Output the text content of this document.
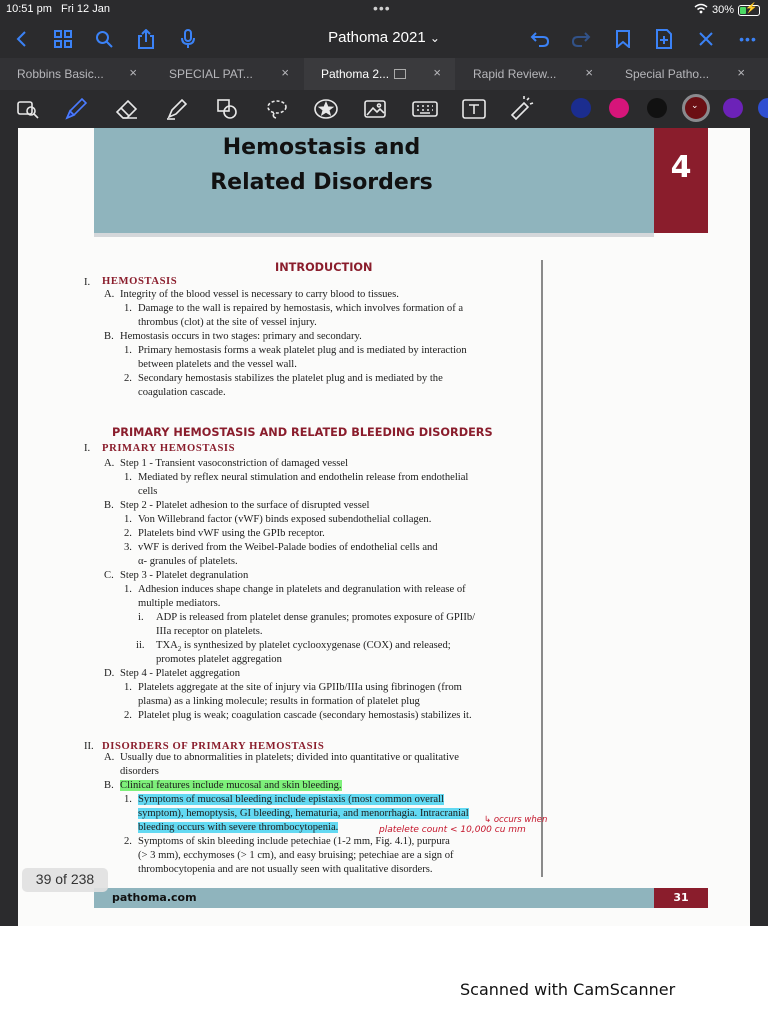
10:51 pm Fri 12 Jan	•••	30% ⚡
Pathoma 2021 ⌄	•••
Robbins Basic... ×	SPECIAL PAT... ×	Pathoma 2...	×	Rapid Review... ×	Special Patho... ×
⌄
Hemostasis and
Related Disorders	4
INTRODUCTION
I. HEMOSTASIS
A. Integrity of the blood vessel is necessary to carry blood to tissues.
1. Damage to the wall is repaired by hemostasis, which involves formation of a
thrombus (clot) at the site of vessel injury.
B. Hemostasis occurs in two stages: primary and secondary.
1. Primary hemostasis forms a weak platelet plug and is mediated by interaction
between platelets and the vessel wall.
2. Secondary hemostasis stabilizes the platelet plug and is mediated by the
coagulation cascade.
A. Step 1 - Transient vasoconstriction of damaged vessel
1. Mediated by reflex neural stimulation and endothelin release from endothelial
cells
B. Step 2 - Platelet adhesion to the surface of disrupted vessel
1. Von Willebrand factor (vWF) binds exposed subendothelial collagen.
2. Platelets bind vWF using the GPIb receptor.
3. vWF is derived from the Weibel-Palade bodies of endothelial cells and
α- granules of platelets.
C. Step 3 - Platelet degranulation
1. Adhesion induces shape change in platelets and degranulation with release of
multiple mediators.
i. ADP is released from platelet dense granules; promotes exposure of GPIIb/
IIIa receptor on platelets.
ii. $TXA_2$ is synthesized by platelet cyclooxygenase (COX) and released;
promotes platelet aggregation
D. Step 4 - Platelet aggregation
1. Platelets aggregate at the site of injury via GPIIb/IIIa using fibrinogen (from
plasma) as a linking molecule; results in formation of platelet plug
2. Platelet plug is weak; coagulation cascade (secondary hemostasis) stabilizes it.
A. Usually due to abnormalities in platelets; divided into quantitative or qualitative
disorders
B. Clinical features include mucosal and skin bleeding.
1. Symptoms of mucosal bleeding include epistaxis (most common overall
symptom), hemoptysis, GI bleeding, hematuria, and menorrhagia. Intracranial
bleeding occurs with severe thrombocytopenia.
2. Symptoms of skin bleeding include petechiae (1-2 mm, Fig. 4.1), purpura
(> 3 mm), ecchymoses (> 1 cm), and easy bruising; petechiae are a sign of
thrombocytopenia and are not usually seen with qualitative disorders.
↳ occurs when
platelete count < 10,000 cu mm
PRIMARY HEMOSTASIS AND RELATED BLEEDING DISORDERS
I. PRIMARY HEMOSTASIS
II. DISORDERS OF PRIMARY HEMOSTASIS
pathoma.com	31
39 of 238
Scanned with CamScanner
